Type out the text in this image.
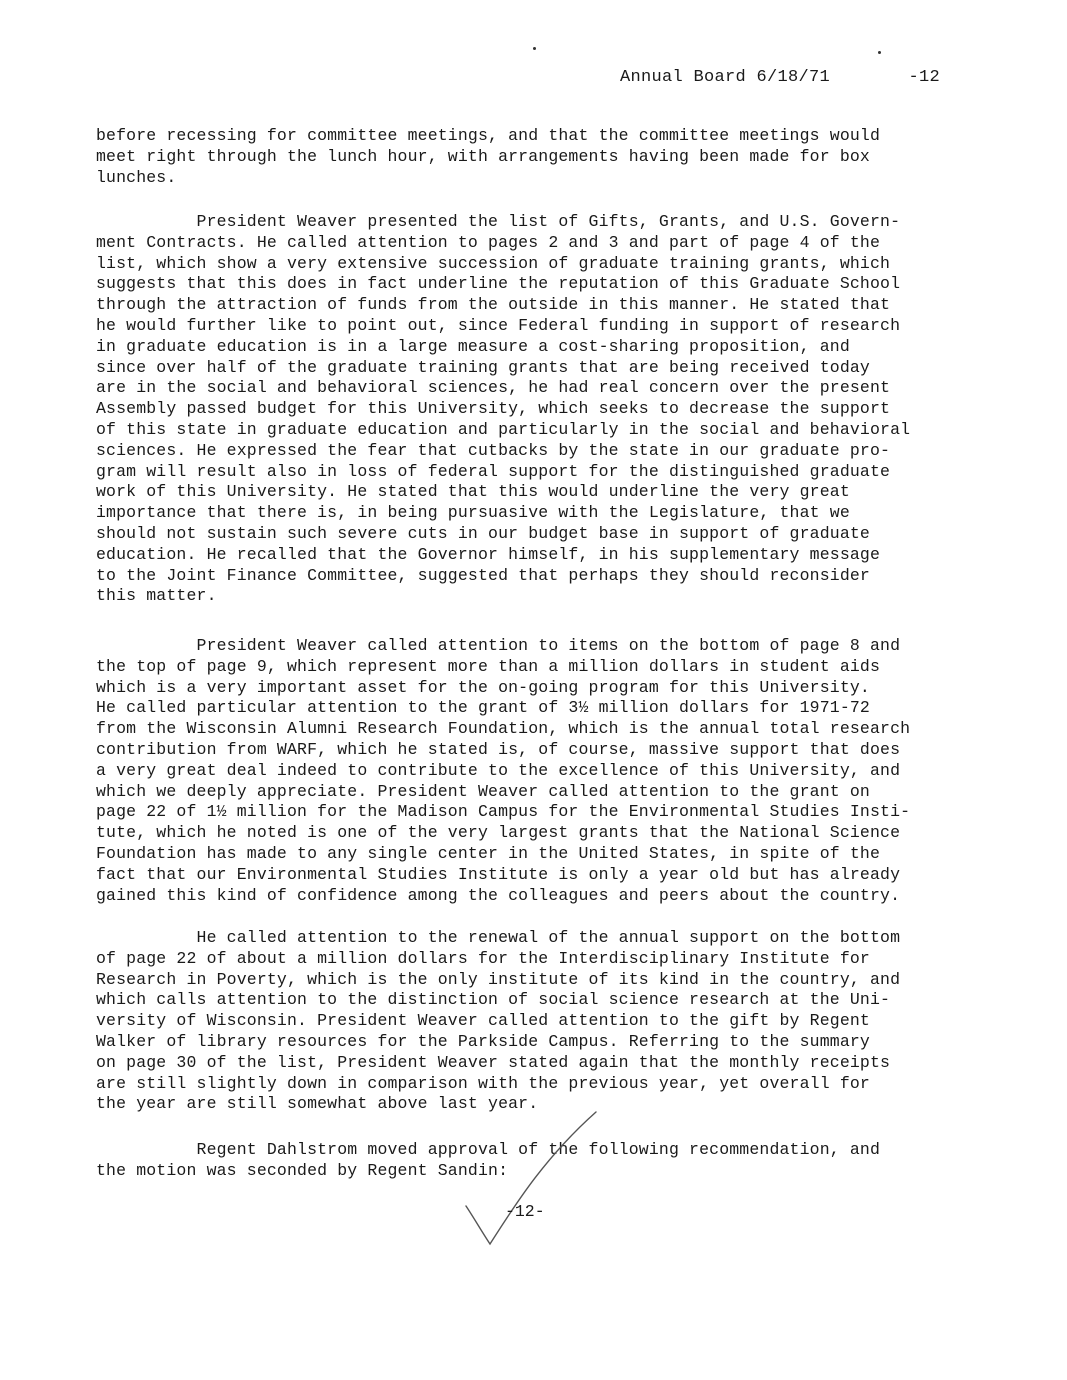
Annual Board 6/18/71	-12
before recessing for committee meetings, and that the committee meetings would
meet right through the lunch hour, with arrangements having been made for box
lunches.
President Weaver presented the list of Gifts, Grants, and U.S. Govern-
ment Contracts. He called attention to pages 2 and 3 and part of page 4 of the
list, which show a very extensive succession of graduate training grants, which
suggests that this does in fact underline the reputation of this Graduate School
through the attraction of funds from the outside in this manner. He stated that
he would further like to point out, since Federal funding in support of research
in graduate education is in a large measure a cost-sharing proposition, and
since over half of the graduate training grants that are being received today
are in the social and behavioral sciences, he had real concern over the present
Assembly passed budget for this University, which seeks to decrease the support
of this state in graduate education and particularly in the social and behavioral
sciences. He expressed the fear that cutbacks by the state in our graduate pro-
gram will result also in loss of federal support for the distinguished graduate
work of this University. He stated that this would underline the very great
importance that there is, in being pursuasive with the Legislature, that we
should not sustain such severe cuts in our budget base in support of graduate
education. He recalled that the Governor himself, in his supplementary message
to the Joint Finance Committee, suggested that perhaps they should reconsider
this matter.
President Weaver called attention to items on the bottom of page 8 and
the top of page 9, which represent more than a million dollars in student aids
which is a very important asset for the on-going program for this University.
He called particular attention to the grant of 3½ million dollars for 1971-72
from the Wisconsin Alumni Research Foundation, which is the annual total research
contribution from WARF, which he stated is, of course, massive support that does
a very great deal indeed to contribute to the excellence of this University, and
which we deeply appreciate. President Weaver called attention to the grant on
page 22 of 1½ million for the Madison Campus for the Environmental Studies Insti-
tute, which he noted is one of the very largest grants that the National Science
Foundation has made to any single center in the United States, in spite of the
fact that our Environmental Studies Institute is only a year old but has already
gained this kind of confidence among the colleagues and peers about the country.
He called attention to the renewal of the annual support on the bottom
of page 22 of about a million dollars for the Interdisciplinary Institute for
Research in Poverty, which is the only institute of its kind in the country, and
which calls attention to the distinction of social science research at the Uni-
versity of Wisconsin. President Weaver called attention to the gift by Regent
Walker of library resources for the Parkside Campus. Referring to the summary
on page 30 of the list, President Weaver stated again that the monthly receipts
are still slightly down in comparison with the previous year, yet overall for
the year are still somewhat above last year.
Regent Dahlstrom moved approval of the following recommendation, and
the motion was seconded by Regent Sandin:
-12-
